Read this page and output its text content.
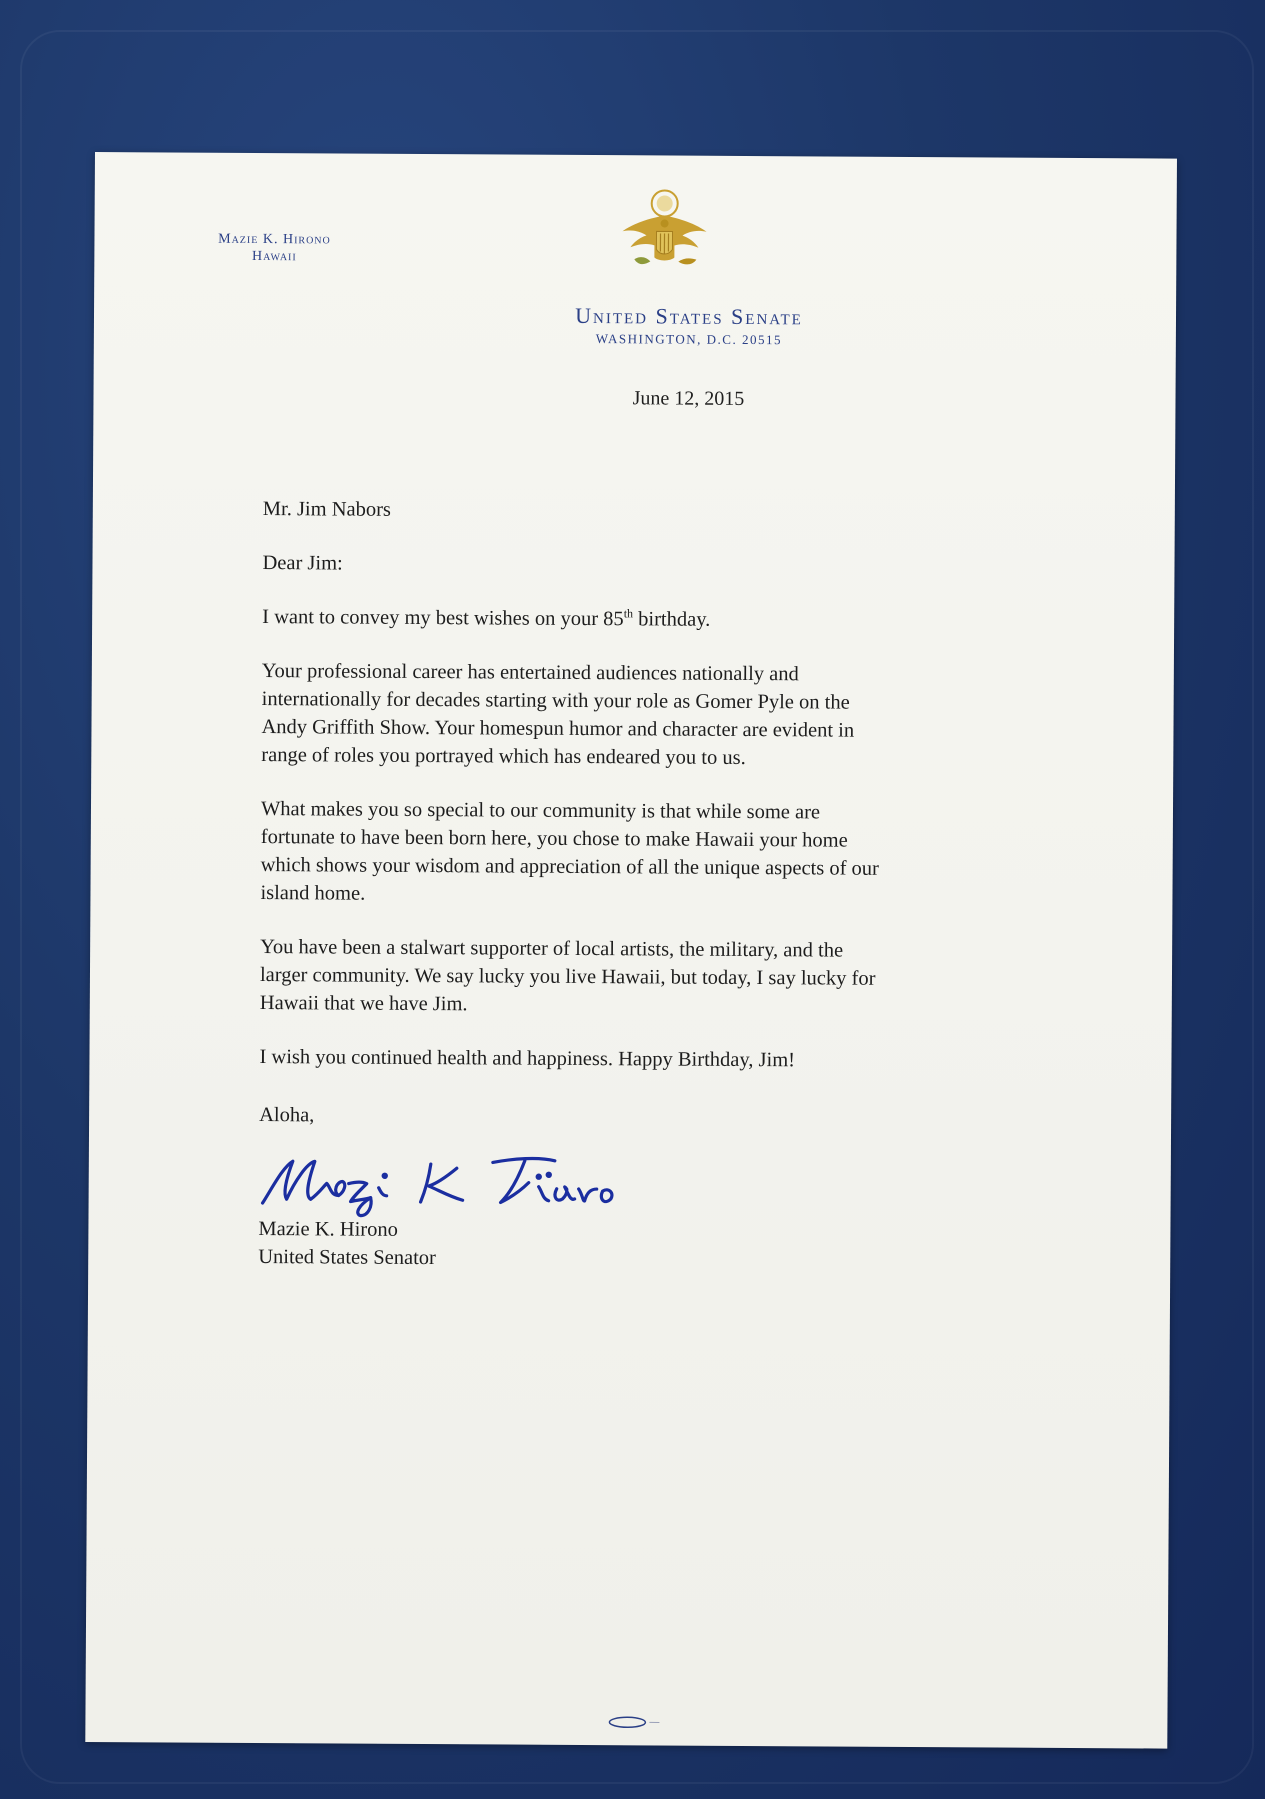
Mazie K. Hirono
Hawaii
United States Senate
WASHINGTON, D.C. 20515
June 12, 2015

Mr. Jim Nabors

Dear Jim:

I want to convey my best wishes on your 85th birthday.

Your professional career has entertained audiences nationally and
internationally for decades starting with your role as Gomer Pyle on the
Andy Griffith Show. Your homespun humor and character are evident in
range of roles you portrayed which has endeared you to us.

What makes you so special to our community is that while some are
fortunate to have been born here, you chose to make Hawaii your home
which shows your wisdom and appreciation of all the unique aspects of our
island home.

You have been a stalwart supporter of local artists, the military, and the
larger community. We say lucky you live Hawaii, but today, I say lucky for
Hawaii that we have Jim.

I wish you continued health and happiness. Happy Birthday, Jim!

Aloha,

Mazie K. Hirono

United States Senator
